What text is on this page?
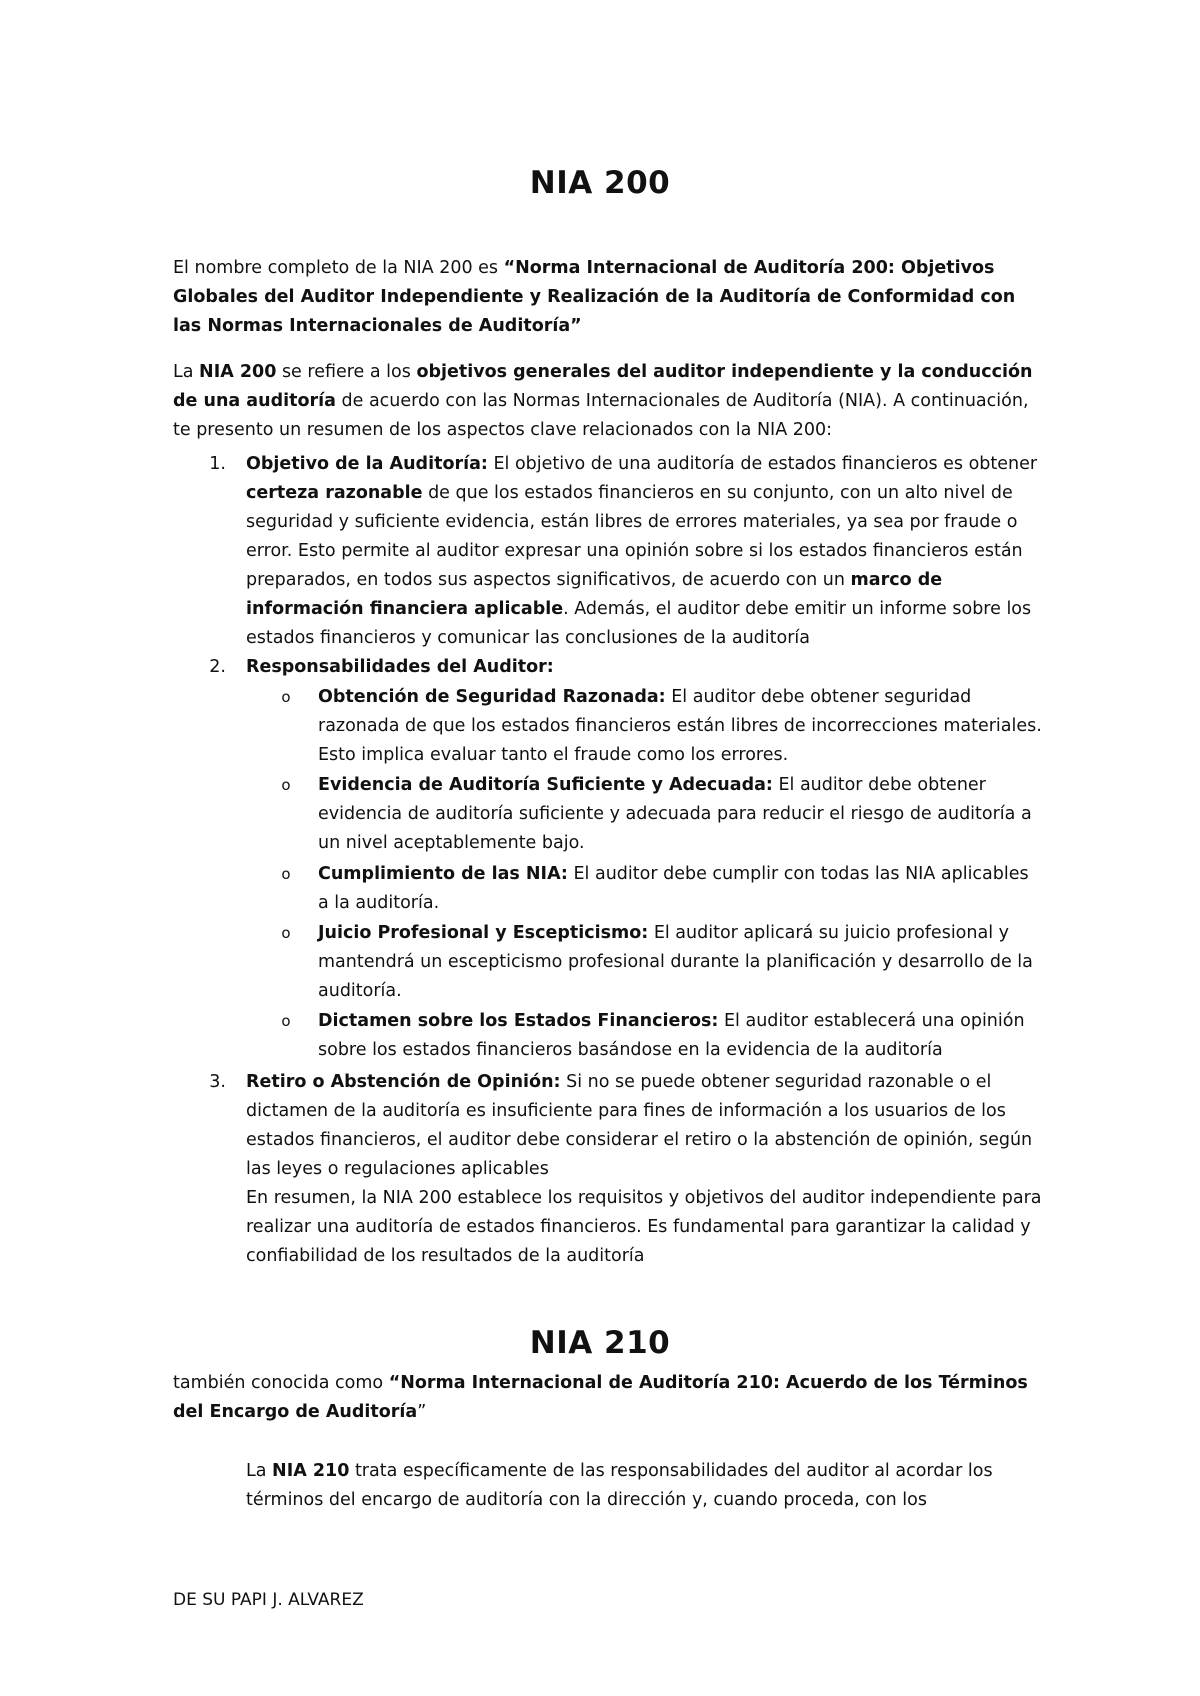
NIA 200

El nombre completo de la NIA 200 es “Norma Internacional de Auditoría 200: Objetivos Globales del Auditor Independiente y Realización de la Auditoría de Conformidad con las Normas Internacionales de Auditoría”

La NIA 200 se refiere a los objetivos generales del auditor independiente y la conducción de una auditoría de acuerdo con las Normas Internacionales de Auditoría (NIA). A continuación, te presento un resumen de los aspectos clave relacionados con la NIA 200:

1. Objetivo de la Auditoría: El objetivo de una auditoría de estados financieros es obtener certeza razonable de que los estados financieros en su conjunto, con un alto nivel de seguridad y suficiente evidencia, están libres de errores materiales, ya sea por fraude o error. Esto permite al auditor expresar una opinión sobre si los estados financieros están preparados, en todos sus aspectos significativos, de acuerdo con un marco de información financiera aplicable. Además, el auditor debe emitir un informe sobre los estados financieros y comunicar las conclusiones de la auditoría

2. Responsabilidades del Auditor:

o Obtención de Seguridad Razonada: El auditor debe obtener seguridad razonada de que los estados financieros están libres de incorrecciones materiales. Esto implica evaluar tanto el fraude como los errores.

o Evidencia de Auditoría Suficiente y Adecuada: El auditor debe obtener evidencia de auditoría suficiente y adecuada para reducir el riesgo de auditoría a un nivel aceptablemente bajo.

o Cumplimiento de las NIA: El auditor debe cumplir con todas las NIA aplicables a la auditoría.

o Juicio Profesional y Escepticismo: El auditor aplicará su juicio profesional y mantendrá un escepticismo profesional durante la planificación y desarrollo de la auditoría.

o Dictamen sobre los Estados Financieros: El auditor establecerá una opinión sobre los estados financieros basándose en la evidencia de la auditoría

3. Retiro o Abstención de Opinión: Si no se puede obtener seguridad razonable o el dictamen de la auditoría es insuficiente para fines de información a los usuarios de los estados financieros, el auditor debe considerar el retiro o la abstención de opinión, según las leyes o regulaciones aplicables

En resumen, la NIA 200 establece los requisitos y objetivos del auditor independiente para realizar una auditoría de estados financieros. Es fundamental para garantizar la calidad y confiabilidad de los resultados de la auditoría

NIA 210

también conocida como “Norma Internacional de Auditoría 210: Acuerdo de los Términos del Encargo de Auditoría”

La NIA 210 trata específicamente de las responsabilidades del auditor al acordar los términos del encargo de auditoría con la dirección y, cuando proceda, con los

DE SU PAPI J. ALVAREZ
